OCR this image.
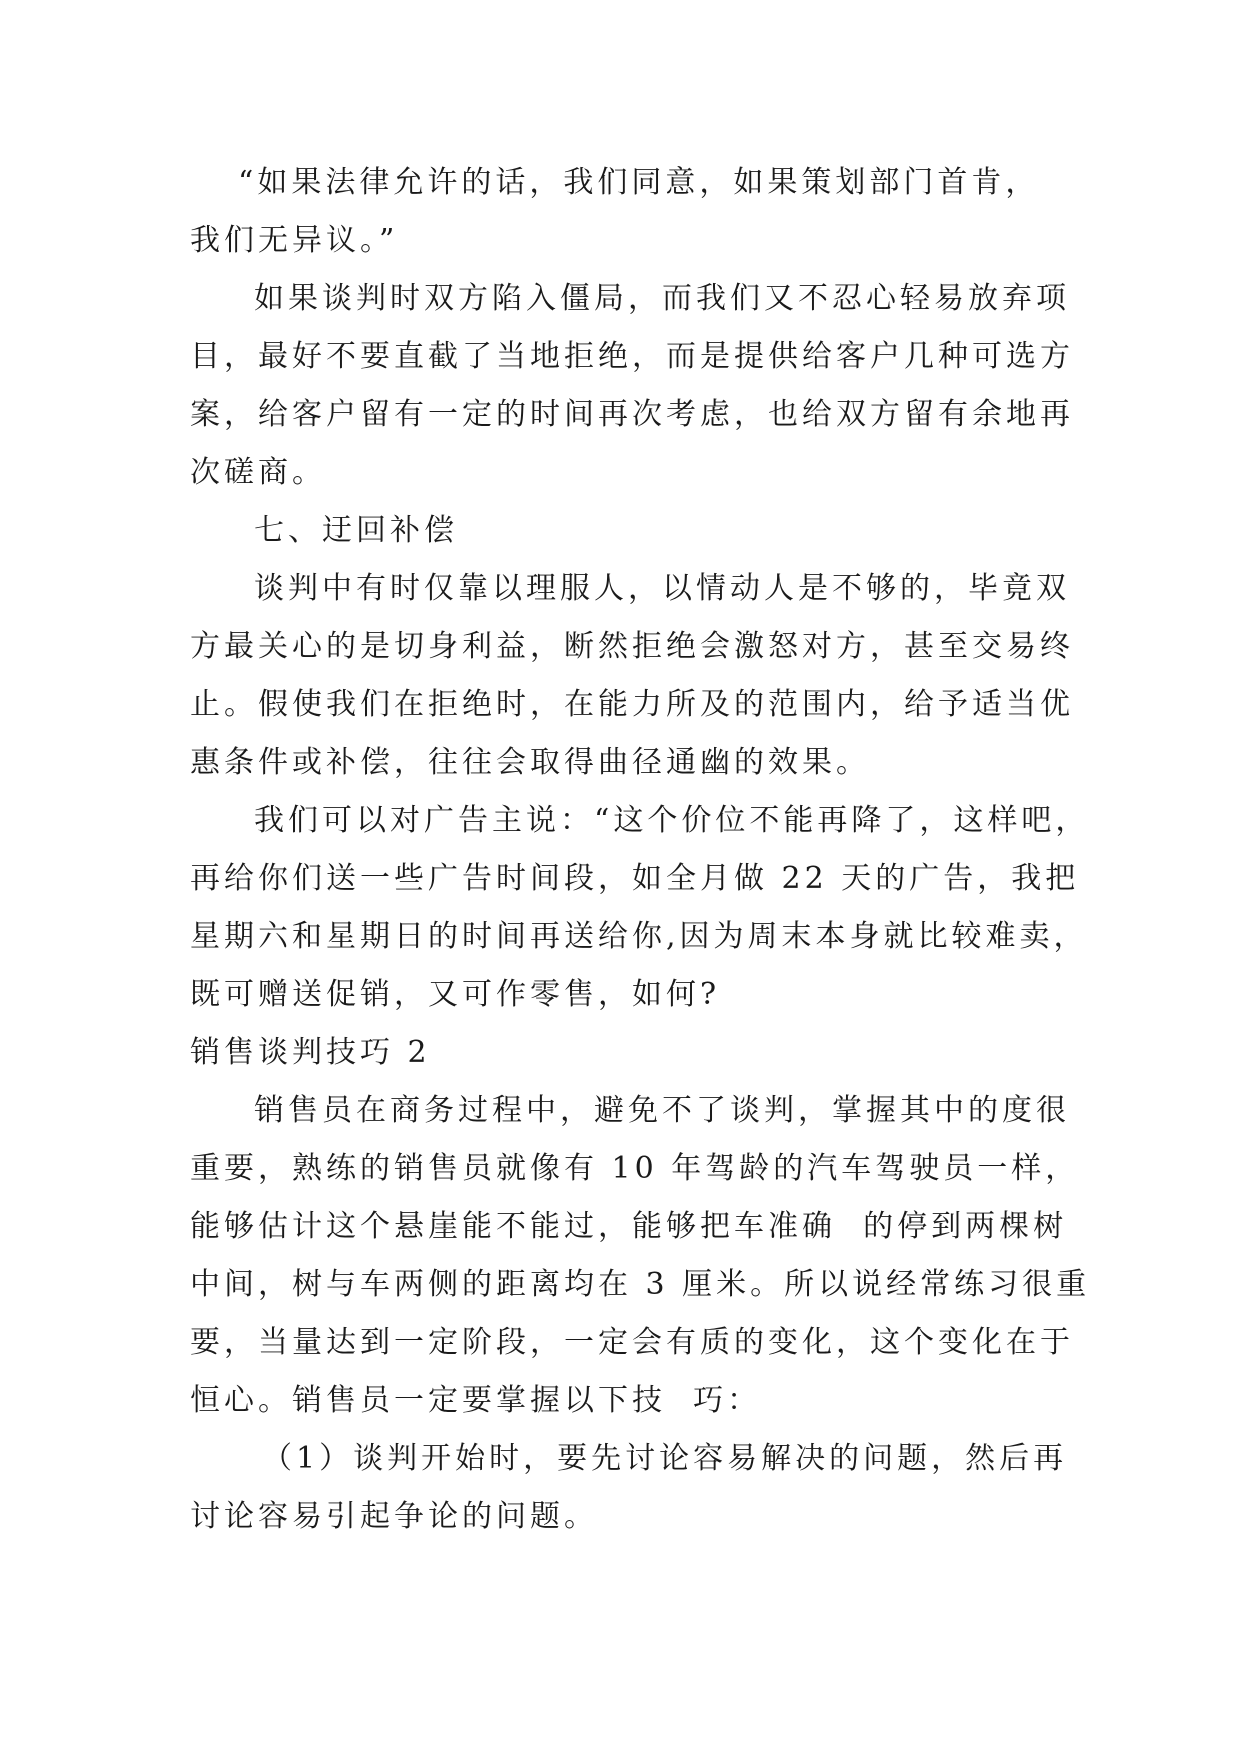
“如果法律允许的话，我们同意，如果策划部门首肯，
我们无异议。”
如果谈判时双方陷入僵局，而我们又不忍心轻易放弃项
目，最好不要直截了当地拒绝，而是提供给客户几种可选方
案，给客户留有一定的时间再次考虑，也给双方留有余地再
次磋商。
七、迂回补偿
谈判中有时仅靠以理服人，以情动人是不够的，毕竟双
方最关心的是切身利益，断然拒绝会激怒对方，甚至交易终
止。假使我们在拒绝时，在能力所及的范围内，给予适当优
惠条件或补偿，往往会取得曲径通幽的效果。
我们可以对广告主说：“这个价位不能再降了，这样吧，
再给你们送一些广告时间段，如全月做 22 天的广告，我把
星期六和星期日的时间再送给你,因为周末本身就比较难卖，
既可赠送促销，又可作零售，如何?
销售谈判技巧 2
销售员在商务过程中，避免不了谈判，掌握其中的度很
重要，熟练的销售员就像有 10 年驾龄的汽车驾驶员一样，
能够估计这个悬崖能不能过，能够把车准确  的停到两棵树
中间，树与车两侧的距离均在 3 厘米。所以说经常练习很重
要，当量达到一定阶段，一定会有质的变化，这个变化在于
恒心。销售员一定要掌握以下技  巧：
（1）谈判开始时，要先讨论容易解决的问题，然后再
讨论容易引起争论的问题。
